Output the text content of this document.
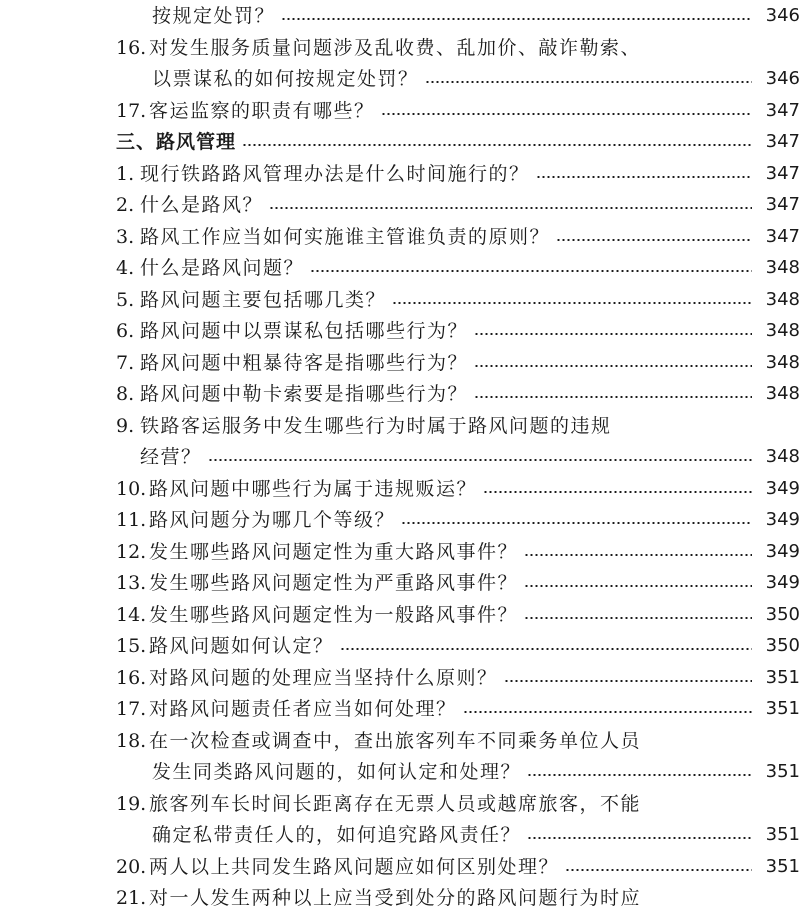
按规定处罚？	346
16. 对发生服务质量问题涉及乱收费、乱加价、敲诈勒索、
以票谋私的如何按规定处罚？	346
17. 客运监察的职责有哪些？	347
三、路风管理	347
1. 现行铁路路风管理办法是什么时间施行的？	347
2. 什么是路风？	347
3. 路风工作应当如何实施谁主管谁负责的原则？	347
4. 什么是路风问题？	348
5. 路风问题主要包括哪几类？	348
6. 路风问题中以票谋私包括哪些行为？	348
7. 路风问题中粗暴待客是指哪些行为？	348
8. 路风问题中勒卡索要是指哪些行为？	348
9. 铁路客运服务中发生哪些行为时属于路风问题的违规
经营？	348
10. 路风问题中哪些行为属于违规贩运？	349
11. 路风问题分为哪几个等级？	349
12. 发生哪些路风问题定性为重大路风事件？	349
13. 发生哪些路风问题定性为严重路风事件？	349
14. 发生哪些路风问题定性为一般路风事件？	350
15. 路风问题如何认定？	350
16. 对路风问题的处理应当坚持什么原则？	351
17. 对路风问题责任者应当如何处理？	351
18. 在一次检查或调查中，查出旅客列车不同乘务单位人员
发生同类路风问题的，如何认定和处理？	351
19. 旅客列车长时间长距离存在无票人员或越席旅客，不能
确定私带责任人的，如何追究路风责任？	351
20. 两人以上共同发生路风问题应如何区别处理？	351
21. 对一人发生两种以上应当受到处分的路风问题行为时应
